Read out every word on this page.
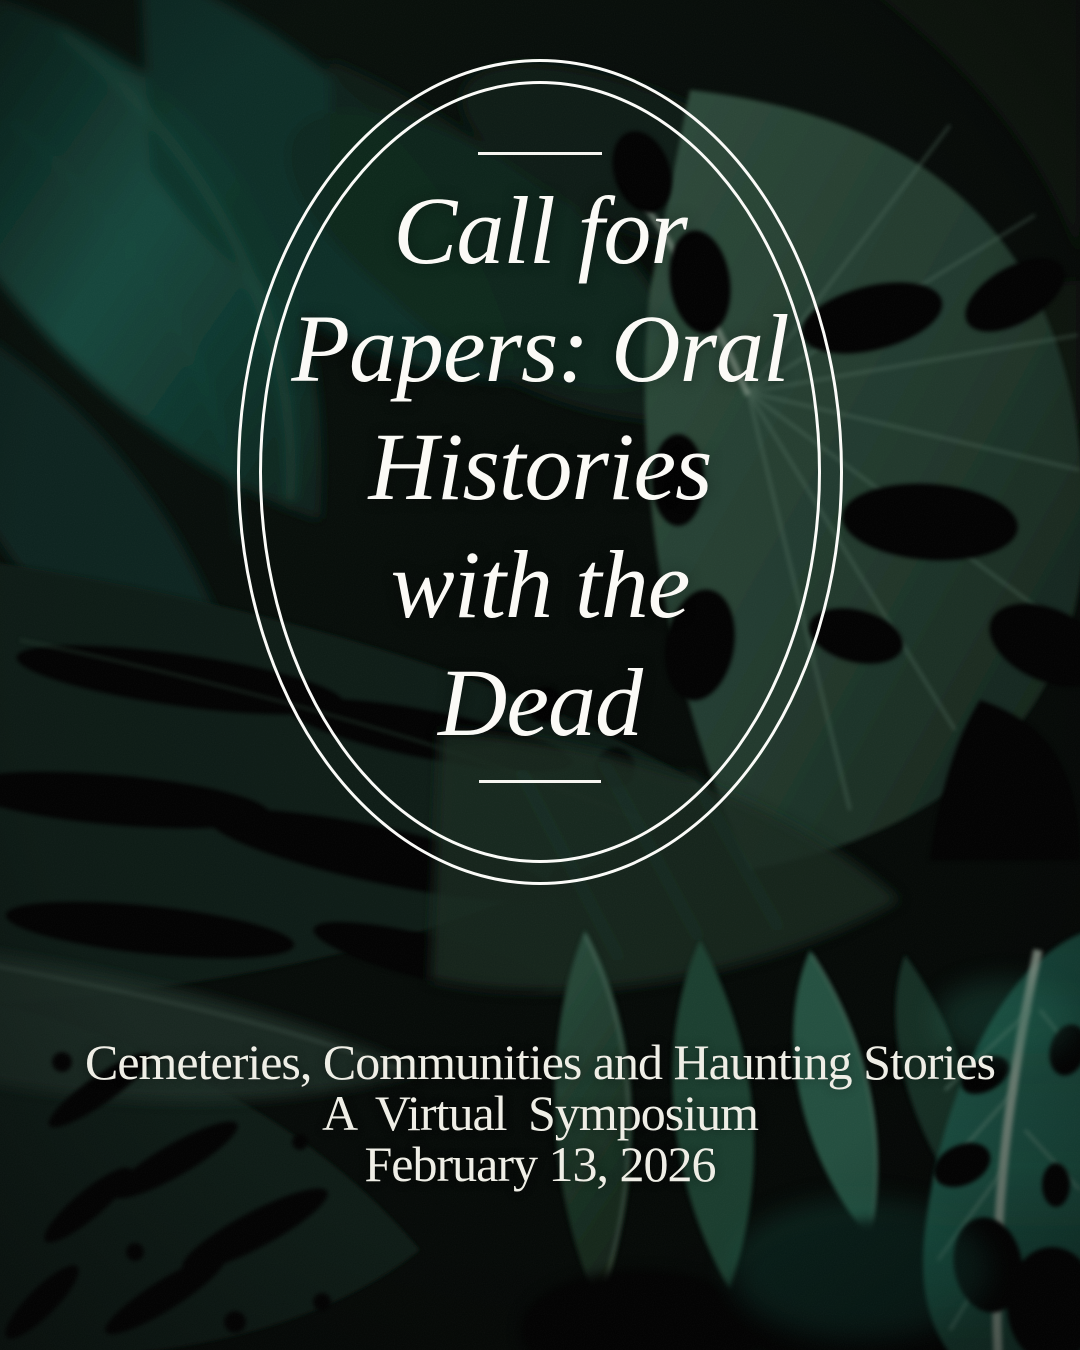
Call for
Papers: Oral
Histories
with the
Dead
Cemeteries, Communities and Haunting Stories
A Virtual Symposium
February 13, 2026
